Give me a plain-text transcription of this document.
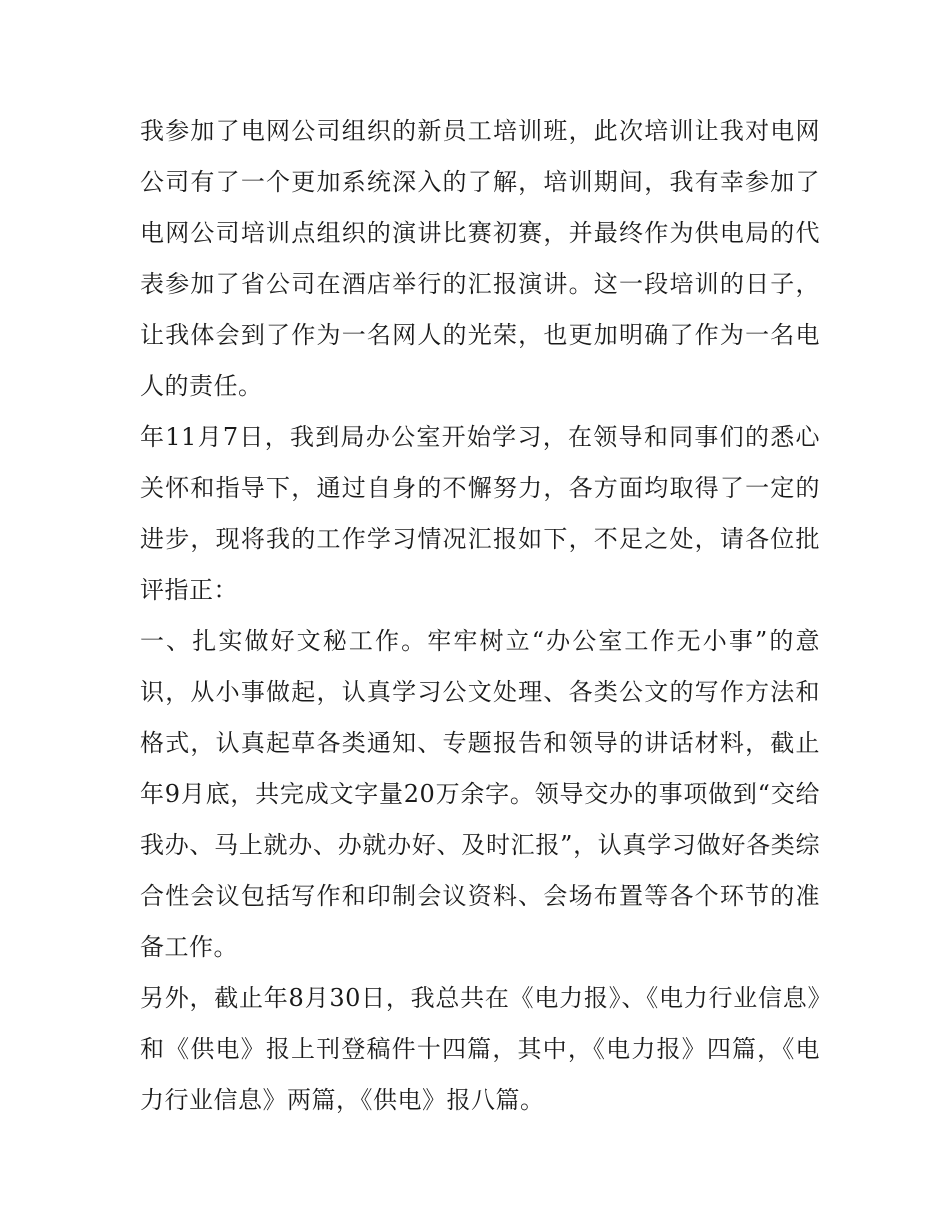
我参加了电网公司组织的新员工培训班，此次培训让我对电网公司有了一个更加系统深入的了解，培训期间，我有幸参加了电网公司培训点组织的演讲比赛初赛，并最终作为供电局的代表参加了省公司在酒店举行的汇报演讲。这一段培训的日子，让我体会到了作为一名网人的光荣，也更加明确了作为一名电人的责任。

年11月7日，我到局办公室开始学习，在领导和同事们的悉心关怀和指导下，通过自身的不懈努力，各方面均取得了一定的进步，现将我的工作学习情况汇报如下，不足之处，请各位批评指正：

一、扎实做好文秘工作。牢牢树立“办公室工作无小事”的意识，从小事做起，认真学习公文处理、各类公文的写作方法和格式，认真起草各类通知、专题报告和领导的讲话材料，截止年9月底，共完成文字量20万余字。领导交办的事项做到“交给我办、马上就办、办就办好、及时汇报”，认真学习做好各类综合性会议包括写作和印制会议资料、会场布置等各个环节的准备工作。

另外，截止年8月30日，我总共在《电力报》、《电力行业信息》和《供电》报上刊登稿件十四篇，其中，《电力报》四篇，《电力行业信息》两篇，《供电》报八篇。
